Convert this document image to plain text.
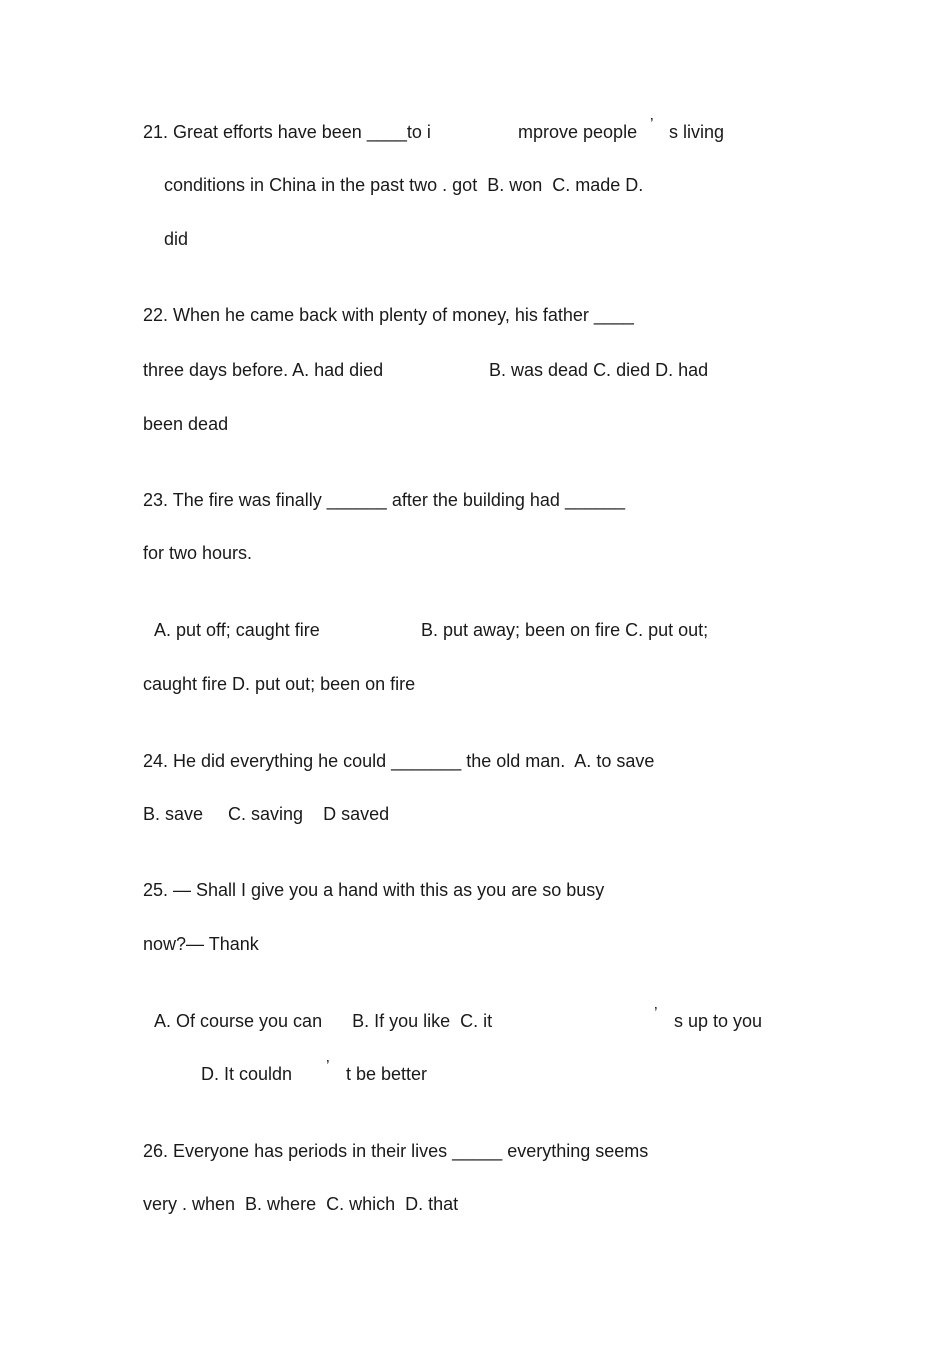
21. Great efforts have been ____to i	mprove people ’ s living
conditions in China in the past two . got  B. won  C. made D.
did
22. When he came back with plenty of money, his father ____
three days before. A. had died	B. was dead C. died D. had
been dead
23. The fire was finally ______ after the building had ______
for two hours.
A. put off; caught fire	B. put away; been on fire C. put out;
caught fire D. put out; been on fire
24. He did everything he could _______ the old man.  A. to save
B. save     C. saving    D saved
25. — Shall I give you a hand with this as you are so busy
now?— Thank
A. Of course you can      B. If you like  C. it	’ s up to you
D. It couldn ’ t be better
26. Everyone has periods in their lives _____ everything seems
very . when  B. where  C. which  D. that
